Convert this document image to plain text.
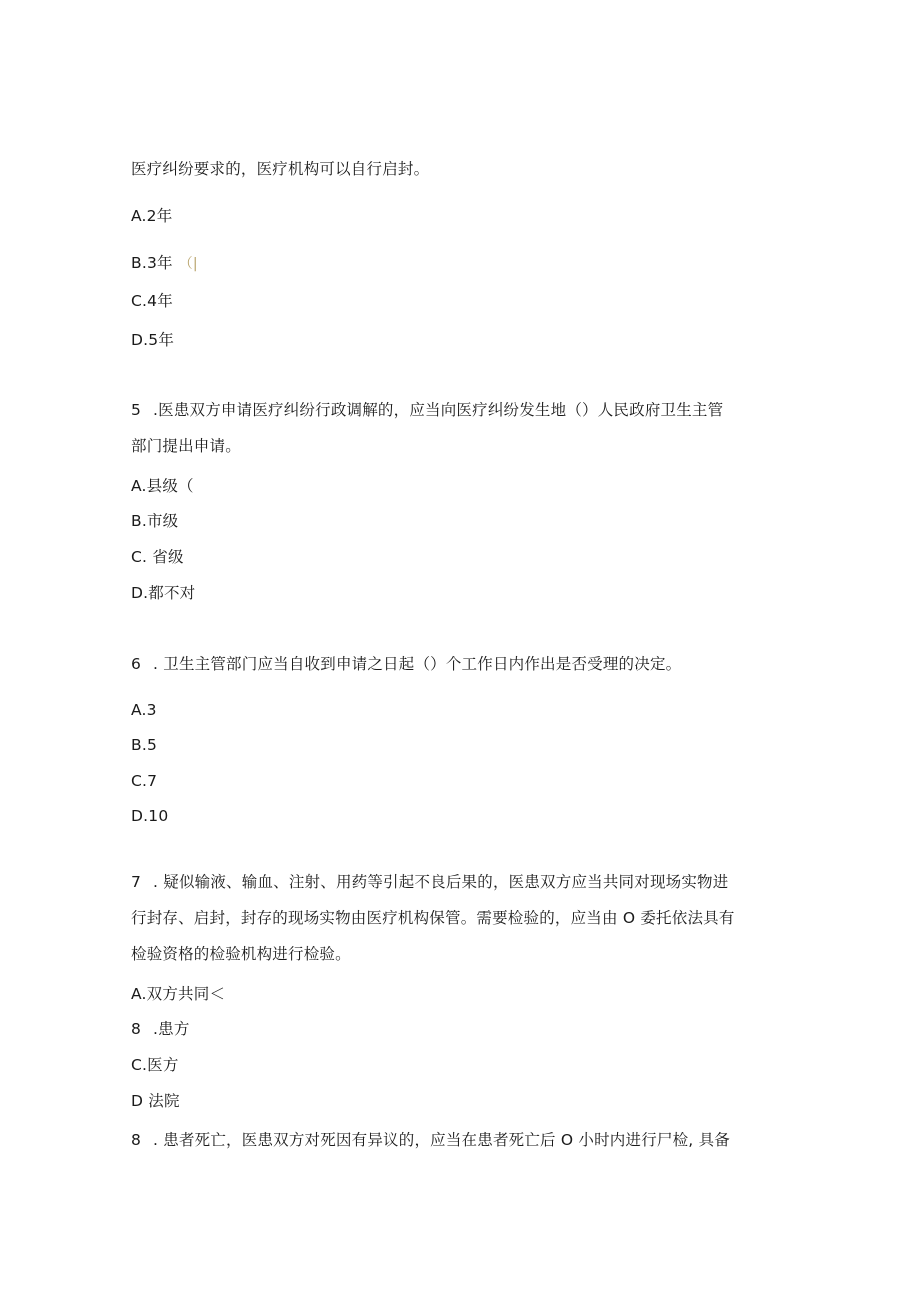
医疗纠纷要求的，医疗机构可以自行启封。
A.2年
B.3年 （|
C.4年
D.5年
5 .医患双方申请医疗纠纷行政调解的，应当向医疗纠纷发生地（）人民政府卫生主管
部门提出申请。
A.县级（
B.市级
C. 省级
D.都不对
6 . 卫生主管部门应当自收到申请之日起（）个工作日内作出是否受理的决定。
A.3
B.5
C.7
D.10
7 . 疑似输液、输血、注射、用药等引起不良后果的，医患双方应当共同对现场实物进
行封存、启封，封存的现场实物由医疗机构保管。需要检验的，应当由 O 委托依法具有
检验资格的检验机构进行检验。
A.双方共同＜
8 .患方
C.医方
D 法院
8 . 患者死亡，医患双方对死因有异议的，应当在患者死亡后 O 小时内进行尸检, 具备
